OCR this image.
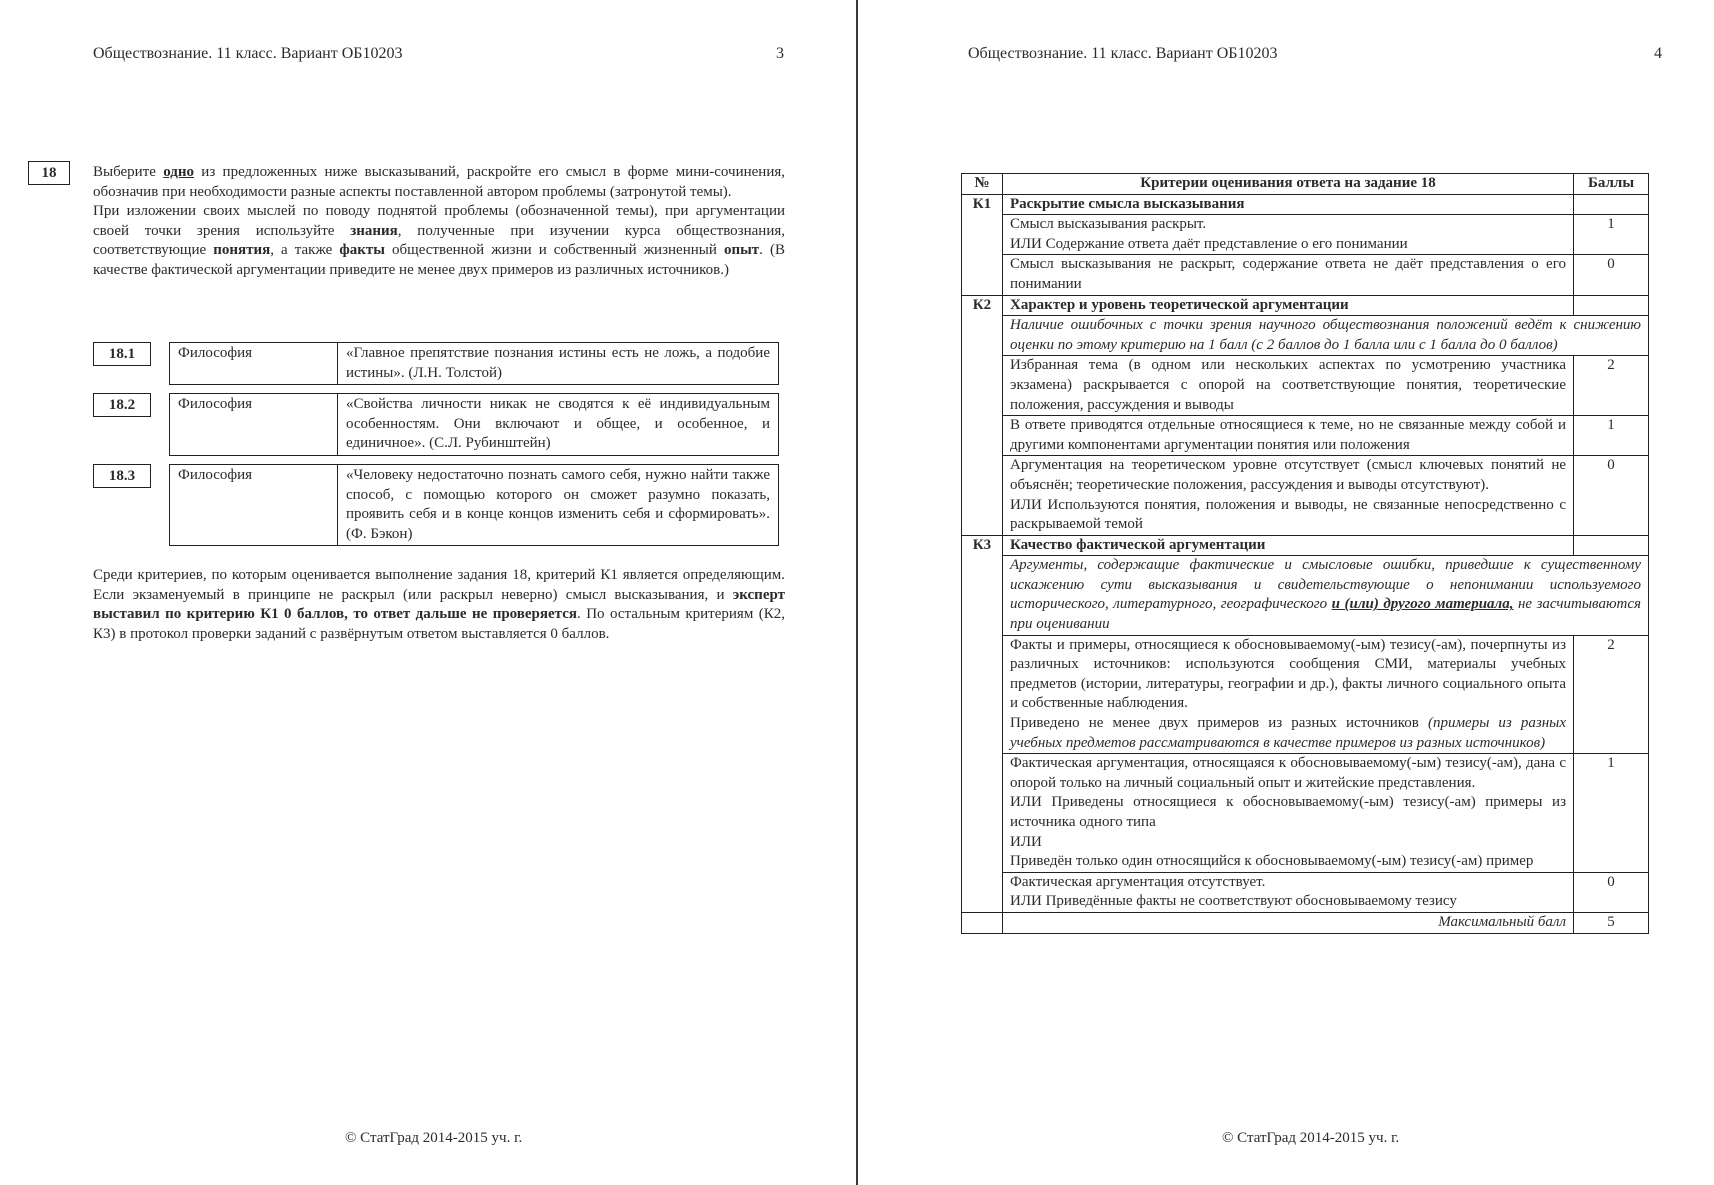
Обществознание. 11 класс. Вариант ОБ10203	3
18	Выберите одно из предложенных ниже высказываний, раскройте его смысл в форме мини-сочинения, обозначив при необходимости разные аспекты поставленной автором проблемы (затронутой темы).

При изложении своих мыслей по поводу поднятой проблемы (обозначенной темы), при аргументации своей точки зрения используйте знания, полученные при изучении курса обществознания, соответствующие понятия, а также факты общественной жизни и собственный жизненный опыт. (В качестве фактической аргументации приведите не менее двух примеров из различных источников.)

18.1	Философия	«Главное препятствие познания истины есть не ложь, а подобие истины». (Л.Н. Толстой)
18.2	Философия	«Свойства личности никак не сводятся к её индивидуальным особенностям. Они включают и общее, и особенное, и единичное». (С.Л. Рубинштейн)
18.3	Философия	«Человеку недостаточно познать самого себя, нужно найти также способ, с помощью которого он сможет разумно показать, проявить себя и в конце концов изменить себя и сформировать». (Ф. Бэкон)

Среди критериев, по которым оценивается выполнение задания 18, критерий К1 является определяющим. Если экзаменуемый в принципе не раскрыл (или раскрыл неверно) смысл высказывания, и эксперт выставил по критерию К1 0 баллов, то ответ дальше не проверяется. По остальным критериям (К2, К3) в протокол проверки заданий с развёрнутым ответом выставляется 0 баллов.

© СтатГрад 2014-2015 уч. г.
Обществознание. 11 класс. Вариант ОБ10203	4
№	Критерии оценивания ответа на задание 18	Баллы
К1	Раскрытие смысла высказывания	
	Смысл высказывания раскрыт.
ИЛИ Содержание ответа даёт представление о его понимании	1
	Смысл высказывания не раскрыт, содержание ответа не даёт представления о его понимании	0
К2	Характер и уровень теоретической аргументации	
	Наличие ошибочных с точки зрения научного обществознания положений ведёт к снижению оценки по этому критерию на 1 балл (с 2 баллов до 1 балла или с 1 балла до 0 баллов)	
	Избранная тема (в одном или нескольких аспектах по усмотрению участника экзамена) раскрывается с опорой на соответствующие понятия, теоретические положения, рассуждения и выводы	2
	В ответе приводятся отдельные относящиеся к теме, но не связанные между собой и другими компонентами аргументации понятия или положения	1
	Аргументация на теоретическом уровне отсутствует (смысл ключевых понятий не объяснён; теоретические положения, рассуждения и выводы отсутствуют).
ИЛИ Используются понятия, положения и выводы, не связанные непосредственно с раскрываемой темой	0
К3	Качество фактической аргументации	
	Аргументы, содержащие фактические и смысловые ошибки, приведшие к существенному искажению сути высказывания и свидетельствующие о непонимании используемого исторического, литературного, географического и (или) другого материала, не засчитываются при оценивании	
	Факты и примеры, относящиеся к обосновываемому(-ым) тезису(-ам), почерпнуты из различных источников: используются сообщения СМИ, материалы учебных предметов (истории, литературы, географии и др.), факты личного социального опыта и собственные наблюдения.
Приведено не менее двух примеров из разных источников (примеры из разных учебных предметов рассматриваются в качестве примеров из разных источников)	2
	Фактическая аргументация, относящаяся к обосновываемому(-ым) тезису(-ам), дана с опорой только на личный социальный опыт и житейские представления.
ИЛИ Приведены относящиеся к обосновываемому(-ым) тезису(-ам) примеры из источника одного типа
ИЛИ
Приведён только один относящийся к обосновываемому(-ым) тезису(-ам) пример	1
	Фактическая аргументация отсутствует.
ИЛИ Приведённые факты не соответствуют обосновываемому тезису	0
	Максимальный балл	5
© СтатГрад 2014-2015 уч. г.
